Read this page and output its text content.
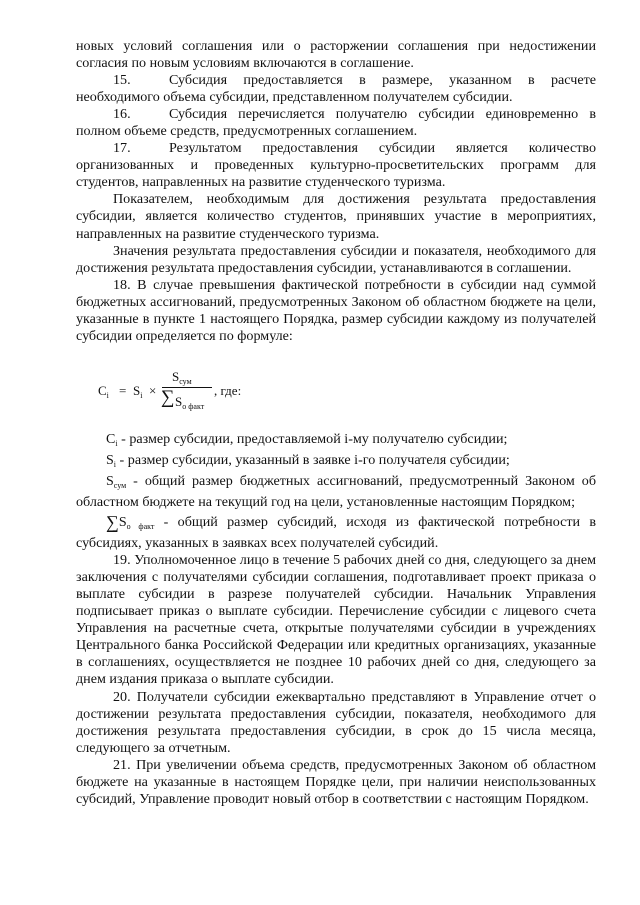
новых условий соглашения или о расторжении соглашения при недостижении согласия по новым условиям включаются в соглашение.

15.	Субсидия предоставляется в размере, указанном в расчете необходимого объема субсидии, представленном получателем субсидии.

16.	Субсидия перечисляется получателю субсидии единовременно в полном объеме средств, предусмотренных соглашением.

17.	Результатом предоставления субсидии является количество организованных и проведенных культурно-просветительских программ для студентов, направленных на развитие студенческого туризма.

Показателем, необходимым для достижения результата предоставления субсидии, является количество студентов, принявших участие в мероприятиях, направленных на развитие студенческого туризма.

Значения результата предоставления субсидии и показателя, необходимого для достижения результата предоставления субсидии, устанавливаются в соглашении.

18. В случае превышения фактической потребности в субсидии над суммой бюджетных ассигнований, предусмотренных Законом об областном бюджете на цели, указанные в пункте 1 настоящего Порядка, размер субсидии каждому из получателей субсидии определяется по формуле:

$C_i = S_i$ ×
$S_{сум}$
∑ $S_{о факт}$
, где:

$C_i$ - размер субсидии, предоставляемой i-му получателю субсидии;

$S_i$ - размер субсидии, указанный в заявке i-го получателя субсидии;

$S_{сум}$ - общий размер бюджетных ассигнований, предусмотренный Законом об областном бюджете на текущий год на цели, установленные настоящим Порядком;

$\sum S_{о факт}$ - общий размер субсидий, исходя из фактической потребности в субсидиях, указанных в заявках всех получателей субсидий.

19. Уполномоченное лицо в течение 5 рабочих дней со дня, следующего за днем заключения с получателями субсидии соглашения, подготавливает проект приказа о выплате субсидии в разрезе получателей субсидии. Начальник Управления подписывает приказ о выплате субсидии. Перечисление субсидии с лицевого счета Управления на расчетные счета, открытые получателями субсидии в учреждениях Центрального банка Российской Федерации или кредитных организациях, указанные в соглашениях, осуществляется не позднее 10 рабочих дней со дня, следующего за днем издания приказа о выплате субсидии.

20. Получатели субсидии ежеквартально представляют в Управление отчет о достижении результата предоставления субсидии, показателя, необходимого для достижения результата предоставления субсидии, в срок до 15 числа месяца, следующего за отчетным.

21. При увеличении объема средств, предусмотренных Законом об областном бюджете на указанные в настоящем Порядке цели, при наличии неиспользованных субсидий, Управление проводит новый отбор в соответствии с настоящим Порядком.
